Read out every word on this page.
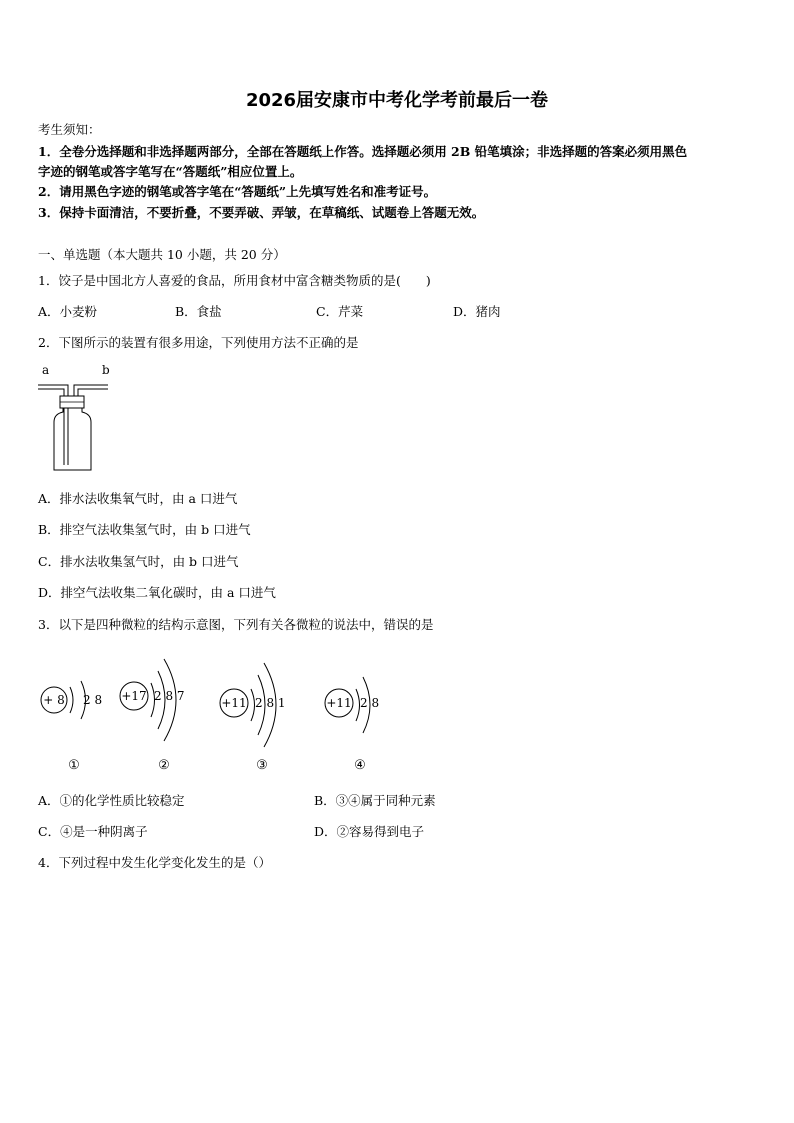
2026届安康市中考化学考前最后一卷
考生须知：
1．全卷分选择题和非选择题两部分，全部在答题纸上作答。选择题必须用 2B 铅笔填涂；非选择题的答案必须用黑色
字迹的钢笔或答字笔写在“答题纸”相应位置上。
2．请用黑色字迹的钢笔或答字笔在“答题纸”上先填写姓名和准考证号。
3．保持卡面清洁，不要折叠，不要弄破、弄皱，在草稿纸、试题卷上答题无效。
一、单选题（本大题共 10 小题，共 20 分）
1．饺子是中国北方人喜爱的食品，所用食材中富含糖类物质的是(　　)
A．小麦粉	B．食盐	C．芹菜	D．猪肉
2．下图所示的装置有很多用途，下列使用方法不正确的是
a	b
A．排水法收集氧气时，由 a 口进气
B．排空气法收集氢气时，由 b 口进气
C．排水法收集氢气时，由 b 口进气
D．排空气法收集二氧化碳时，由 a 口进气
3．以下是四种微粒的结构示意图，下列有关各微粒的说法中，错误的是
+ 8 2 8
①
+17 2 8 7
②
+11 2 8 1
③
+11 2 8
④
A．①的化学性质比较稳定	B．③④属于同种元素
C．④是一种阴离子	D．②容易得到电子
4．下列过程中发生化学变化发生的是（）
